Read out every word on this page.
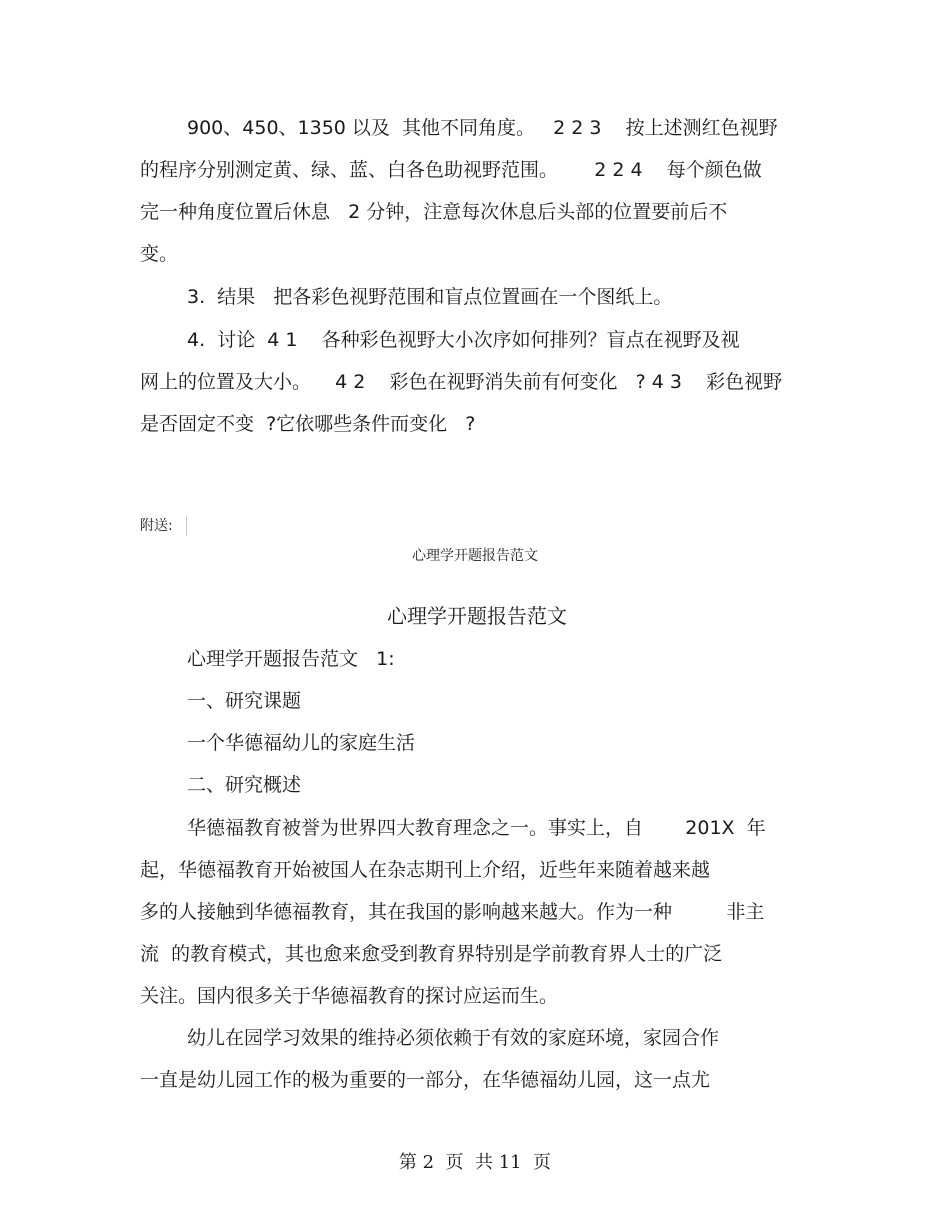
900、450、1350 以及  其他不同角度。   2 2 3    按上述测红色视野
的程序分别测定黄、绿、蓝、白各色助视野范围。      2 2 4    每个颜色做
完一种角度位置后休息   2 分钟，注意每次休息后头部的位置要前后不
变。
3.  结果   把各彩色视野范围和盲点位置画在一个图纸上。
4.  讨论  4 1    各种彩色视野大小次序如何排列？盲点在视野及视
网上的位置及大小。    4 2    彩色在视野消失前有何变化   ? 4 3    彩色视野
是否固定不变  ?它依哪些条件而变化   ?
附送:
心理学开题报告范文
心理学开题报告范文
心理学开题报告范文   1:
一、研究课题
一个华德福幼儿的家庭生活
二、研究概述
华德福教育被誉为世界四大教育理念之一。事实上，自       201X  年
起，华德福教育开始被国人在杂志期刊上介绍，近些年来随着越来越
多的人接触到华德福教育，其在我国的影响越来越大。作为一种         非主
流  的教育模式，其也愈来愈受到教育界特别是学前教育界人士的广泛
关注。国内很多关于华德福教育的探讨应运而生。
幼儿在园学习效果的维持必须依赖于有效的家庭环境，家园合作
一直是幼儿园工作的极为重要的一部分，在华德福幼儿园，这一点尤
第 2  页  共 11  页
